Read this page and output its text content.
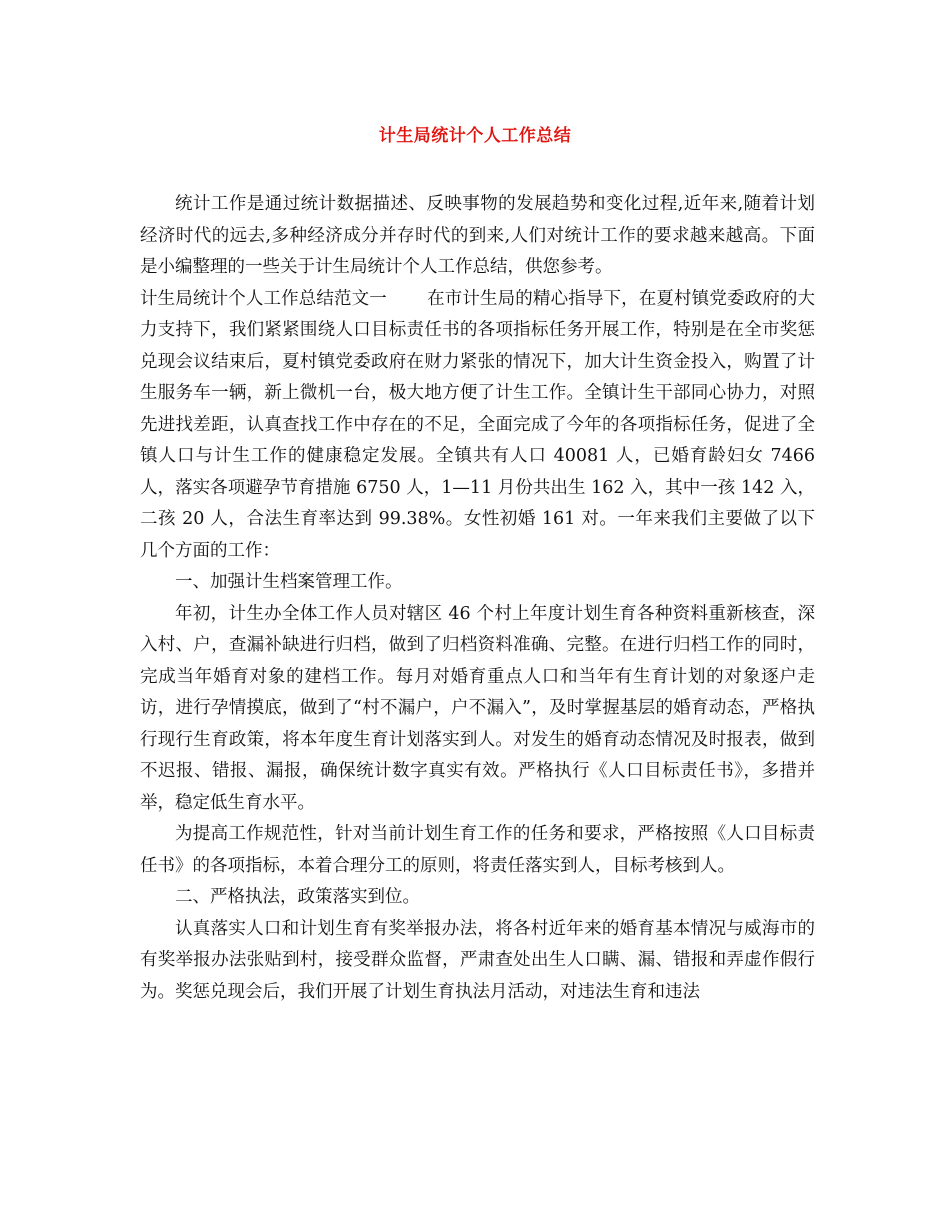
计生局统计个人工作总结

统计工作是通过统计数据描述、反映事物的发展趋势和变化过程,近年来,随着计划经济时代的远去,多种经济成分并存时代的到来,人们对统计工作的要求越来越高。下面是小编整理的一些关于计生局统计个人工作总结，供您参考。

计生局统计个人工作总结范文一 在市计生局的精心指导下，在夏村镇党委政府的大力支持下，我们紧紧围绕人口目标责任书的各项指标任务开展工作，特别是在全市奖惩兑现会议结束后，夏村镇党委政府在财力紧张的情况下，加大计生资金投入，购置了计生服务车一辆，新上微机一台，极大地方便了计生工作。全镇计生干部同心协力，对照先进找差距，认真查找工作中存在的不足，全面完成了今年的各项指标任务，促进了全镇人口与计生工作的健康稳定发展。全镇共有人口 40081 人，已婚育龄妇女 7466 人，落实各项避孕节育措施 6750 人，1—11 月份共出生 162 入，其中一孩 142 入，二孩 20 人，合法生育率达到 99.38%。女性初婚 161 对。一年来我们主要做了以下几个方面的工作：

一、加强计生档案管理工作。

年初，计生办全体工作人员对辖区 46 个村上年度计划生育各种资料重新核查，深入村、户，查漏补缺进行归档，做到了归档资料准确、完整。在进行归档工作的同时，完成当年婚育对象的建档工作。每月对婚育重点人口和当年有生育计划的对象逐户走访，进行孕情摸底，做到了“村不漏户，户不漏入”，及时掌握基层的婚育动态，严格执行现行生育政策，将本年度生育计划落实到人。对发生的婚育动态情况及时报表，做到不迟报、错报、漏报，确保统计数字真实有效。严格执行《人口目标责任书》，多措并举，稳定低生育水平。

为提高工作规范性，针对当前计划生育工作的任务和要求，严格按照《人口目标责任书》的各项指标，本着合理分工的原则，将责任落实到人，目标考核到人。

二、严格执法，政策落实到位。

认真落实人口和计划生育有奖举报办法，将各村近年来的婚育基本情况与威海市的有奖举报办法张贴到村，接受群众监督，严肃查处出生人口瞒、漏、错报和弄虚作假行为。奖惩兑现会后，我们开展了计划生育执法月活动，对违法生育和违法
